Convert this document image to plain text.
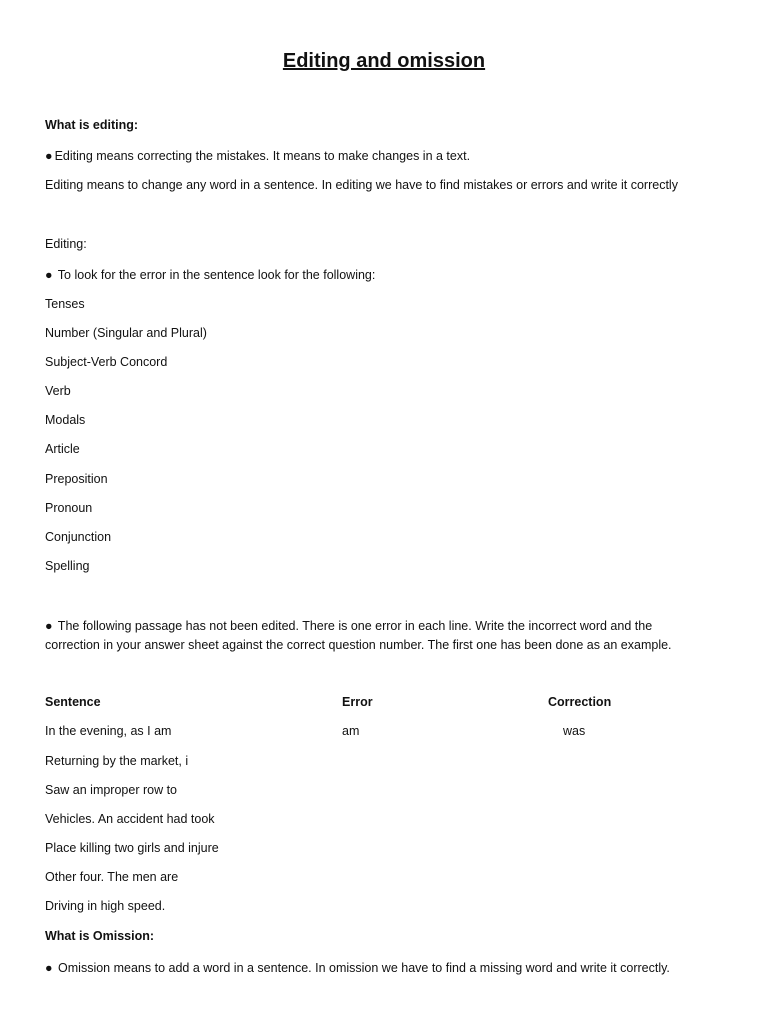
Editing and omission
What is editing:
● Editing means correcting the mistakes. It means to make changes in a text.
Editing means to change any word in a sentence. In editing we have to find mistakes or errors and write it correctly
Editing:
● To look for the error in the sentence look for the following:
Tenses
Number (Singular and Plural)
Subject-Verb Concord
Verb
Modals
Article
Preposition
Pronoun
Conjunction
Spelling
● The following passage has not been edited. There is one error in each line. Write the incorrect word and the correction in your answer sheet against the correct question number. The first one has been done as an example.
Sentence	Error	Correction
In the evening, as I am	am	was
Returning by the market, i
Saw an improper row to
Vehicles. An accident had took
Place killing two girls and injure
Other four. The men are
Driving in high speed.
What is Omission:
● Omission means to add a word in a sentence. In omission we have to find a missing word and write it correctly.
